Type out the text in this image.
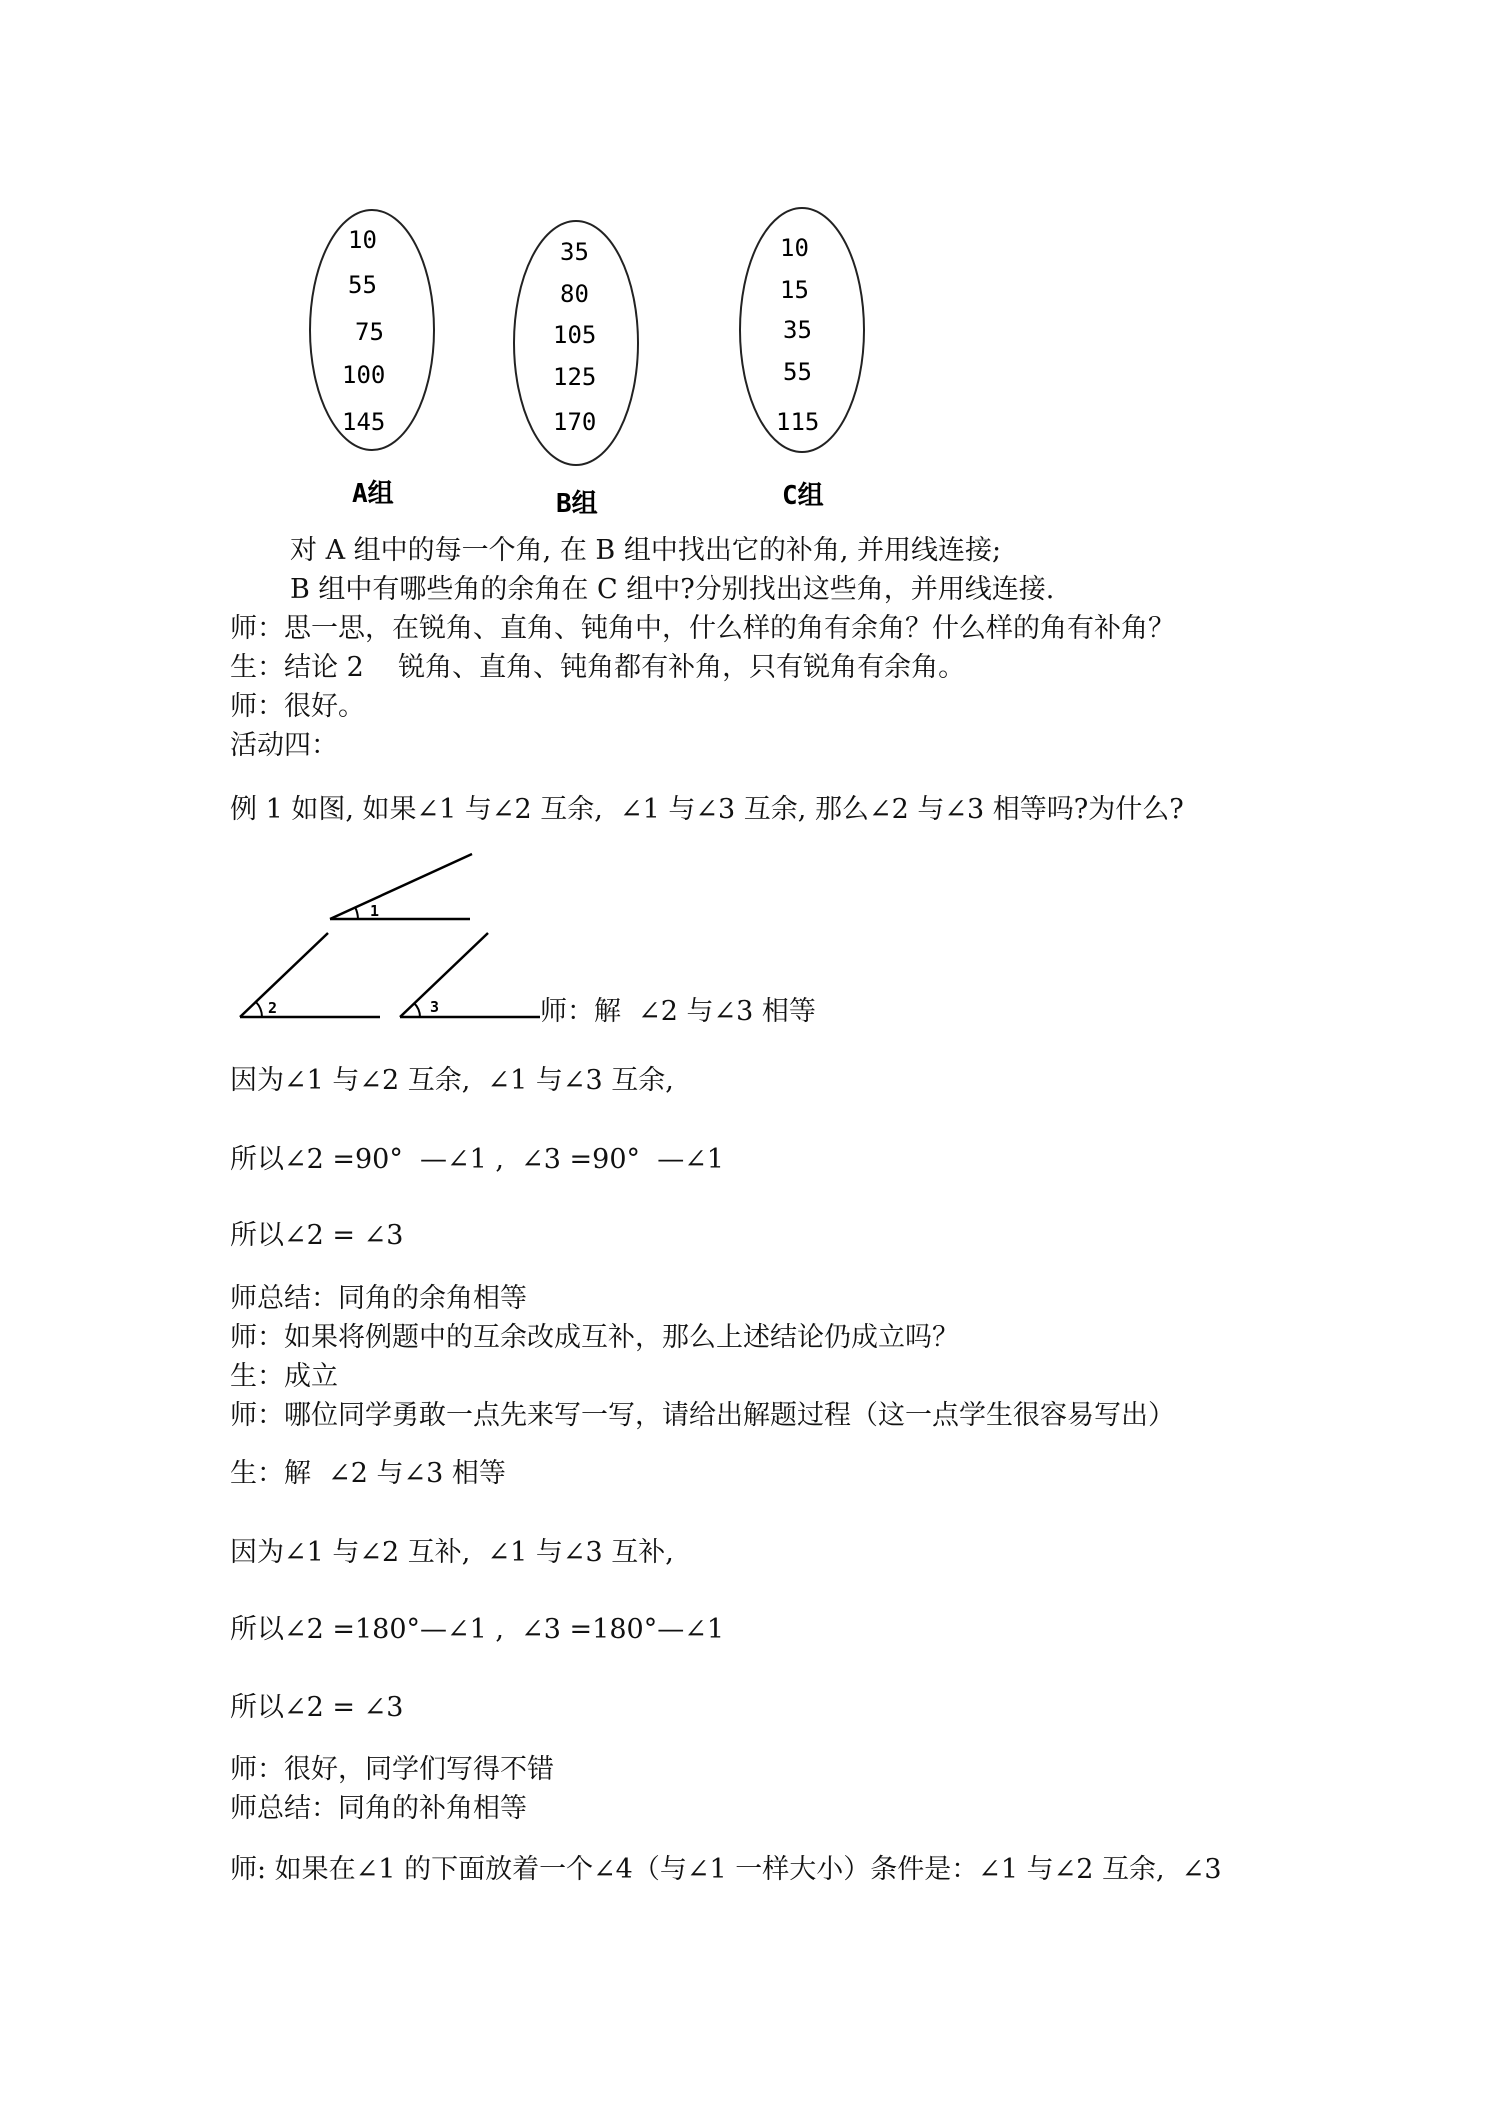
10
55
75
100
145
A组
35
80
105
125
170
B组
10
15
35
55
115
C组
1
2	3
对 A 组中的每一个角, 在 B 组中找出它的补角, 并用线连接;
B 组中有哪些角的余角在 C 组中?分别找出这些角，并用线连接.
师：思一思，在锐角、直角、钝角中，什么样的角有余角？什么样的角有补角？
生：结论 2    锐角、直角、钝角都有补角，只有锐角有余角。
师：很好。
活动四：
例 1 如图, 如果∠1 与∠2 互余,  ∠1 与∠3 互余, 那么∠2 与∠3 相等吗?为什么?
师：解  ∠2 与∠3 相等
因为∠1 与∠2 互余,  ∠1 与∠3 互余,
所以∠2 =90°  —∠1 ,  ∠3 =90°  —∠1
所以∠2 = ∠3
师总结：同角的余角相等
师：如果将例题中的互余改成互补，那么上述结论仍成立吗？
生：成立
师：哪位同学勇敢一点先来写一写，请给出解题过程（这一点学生很容易写出）
生：解  ∠2 与∠3 相等
因为∠1 与∠2 互补,  ∠1 与∠3 互补,
所以∠2 =180°—∠1 ,  ∠3 =180°—∠1
所以∠2 = ∠3
师：很好，同学们写得不错
师总结：同角的补角相等
师: 如果在∠1 的下面放着一个∠4（与∠1 一样大小）条件是：∠1 与∠2 互余,  ∠3
